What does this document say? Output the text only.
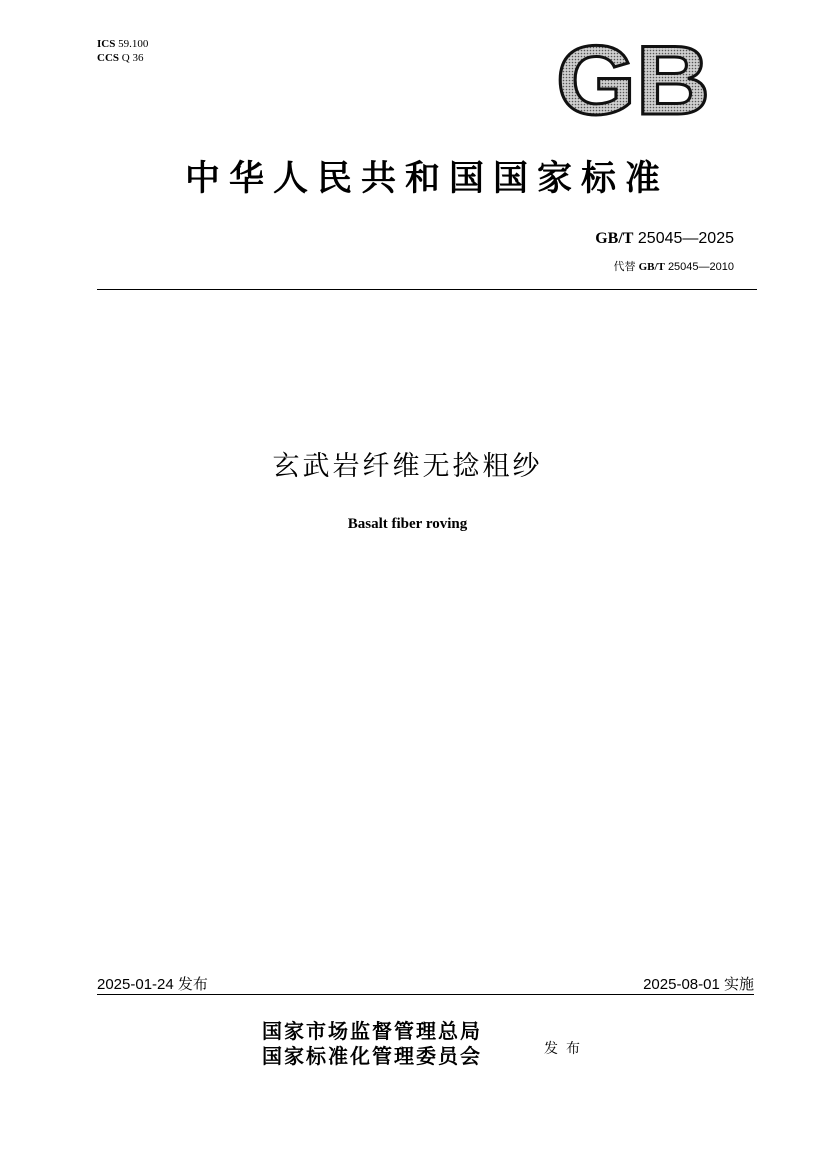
ICS 59.100
CCS Q 36	GB
中华人民共和国国家标准
GB/T 25045—2025
代替 GB/T 25045—2010
玄武岩纤维无捻粗纱
Basalt fiber roving
2025-01-24 发布	2025-08-01 实施
国家市场监督管理总局
国家标准化管理委员会	发布
